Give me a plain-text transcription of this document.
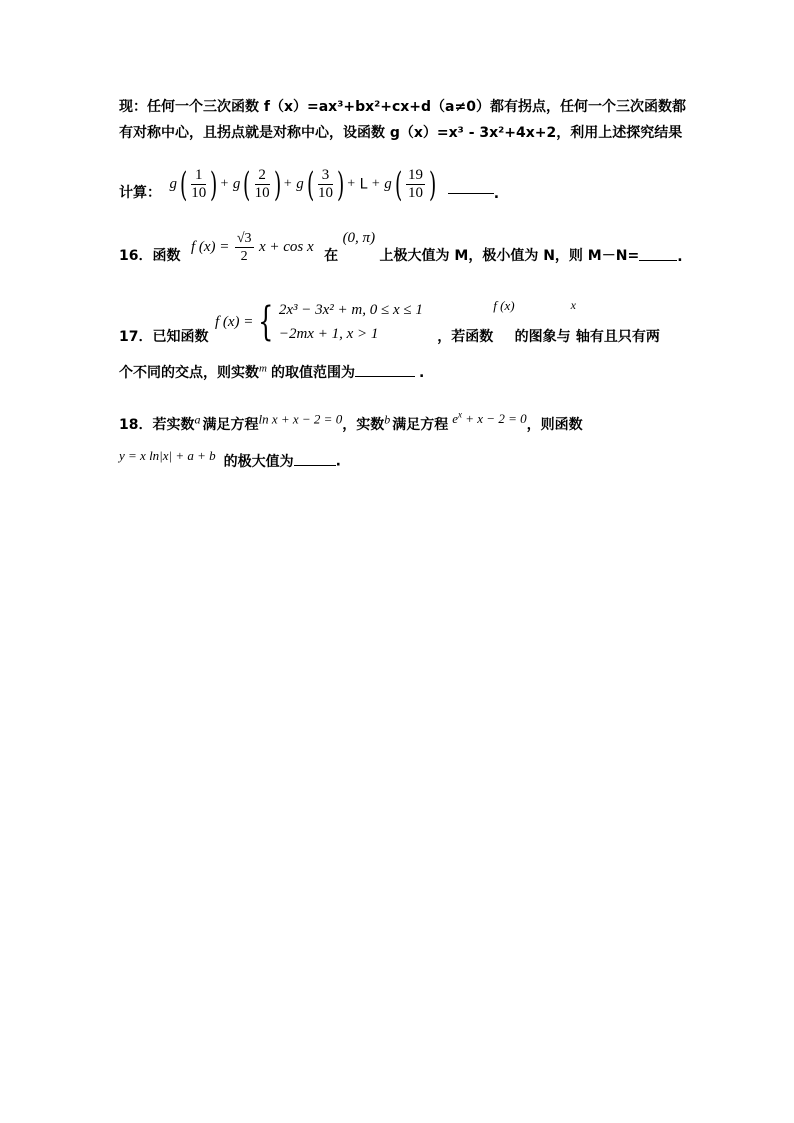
现：任何一个三次函数 f（x）=ax³+bx²+cx+d（a≠0）都有拐点，任何一个三次函数都
有对称中心，且拐点就是对称中心，设函数 g（x）=x³ - 3x²+4x+2，利用上述探究结果
计算： $g( \frac{1}{10}$ ) + $g( \frac{2}{10}$ ) + $g( \frac{3}{10}$ ) + $L + g( \frac{19}{10}$ )	.
16．函数 f $(x) = \frac{√3}{2}$ x + cos x 在 (0, π) 上极大值为 M，极小值为 N，则 M－N=	.
17．已知函数 f (x) = { 2x³ − 3x² + m, 0 ≤ x ≤ 1
−2mx + 1, x > 1	，若函数f (x)的图象与x轴有且只有两
个不同的交点，则实数$^m$ 的取值范围为	.
18．若实数a 满足方程ln x + x − 2 = 0，实数b 满足方程 $e^x + x - 2 = 0$，则函数
y = x ln|x| + a + b 的极大值为	.
